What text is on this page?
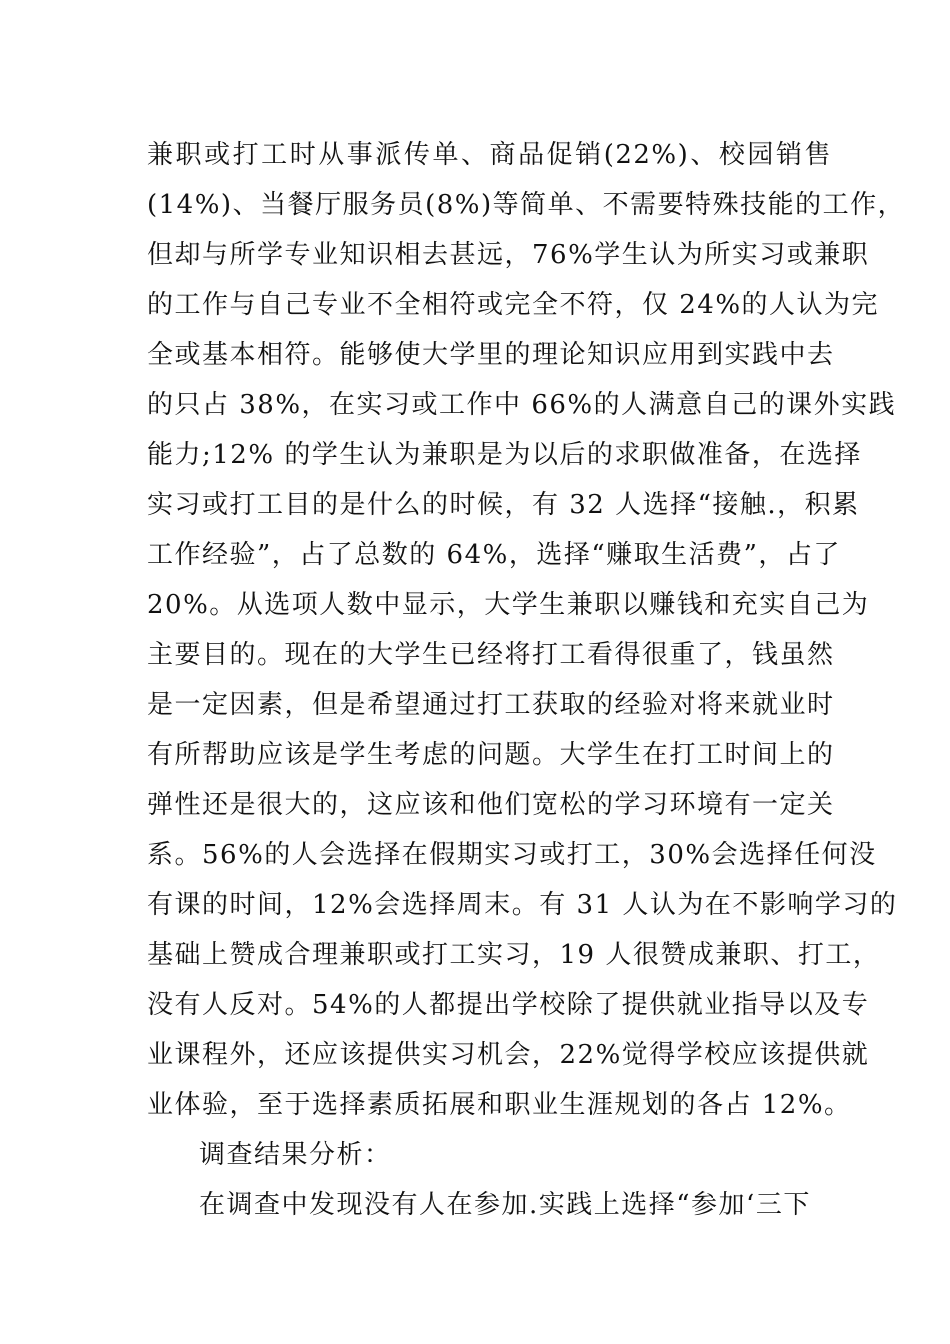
兼职或打工时从事派传单、商品促销(22%)、校园销售
(14%)、当餐厅服务员(8%)等简单、不需要特殊技能的工作，
但却与所学专业知识相去甚远，76%学生认为所实习或兼职
的工作与自己专业不全相符或完全不符，仅 24%的人认为完
全或基本相符。能够使大学里的理论知识应用到实践中去
的只占 38%，在实习或工作中 66%的人满意自己的课外实践
能力;12% 的学生认为兼职是为以后的求职做准备，在选择
实习或打工目的是什么的时候，有 32 人选择“接触.，积累
工作经验”，占了总数的 64%，选择“赚取生活费”，占了
20%。从选项人数中显示，大学生兼职以赚钱和充实自己为
主要目的。现在的大学生已经将打工看得很重了，钱虽然
是一定因素，但是希望通过打工获取的经验对将来就业时
有所帮助应该是学生考虑的问题。大学生在打工时间上的
弹性还是很大的，这应该和他们宽松的学习环境有一定关
系。56%的人会选择在假期实习或打工，30%会选择任何没
有课的时间，12%会选择周末。有 31 人认为在不影响学习的
基础上赞成合理兼职或打工实习，19 人很赞成兼职、打工，
没有人反对。54%的人都提出学校除了提供就业指导以及专
业课程外，还应该提供实习机会，22%觉得学校应该提供就
业体验，至于选择素质拓展和职业生涯规划的各占 12%。
调查结果分析：
在调查中发现没有人在参加.实践上选择“参加‘三下
